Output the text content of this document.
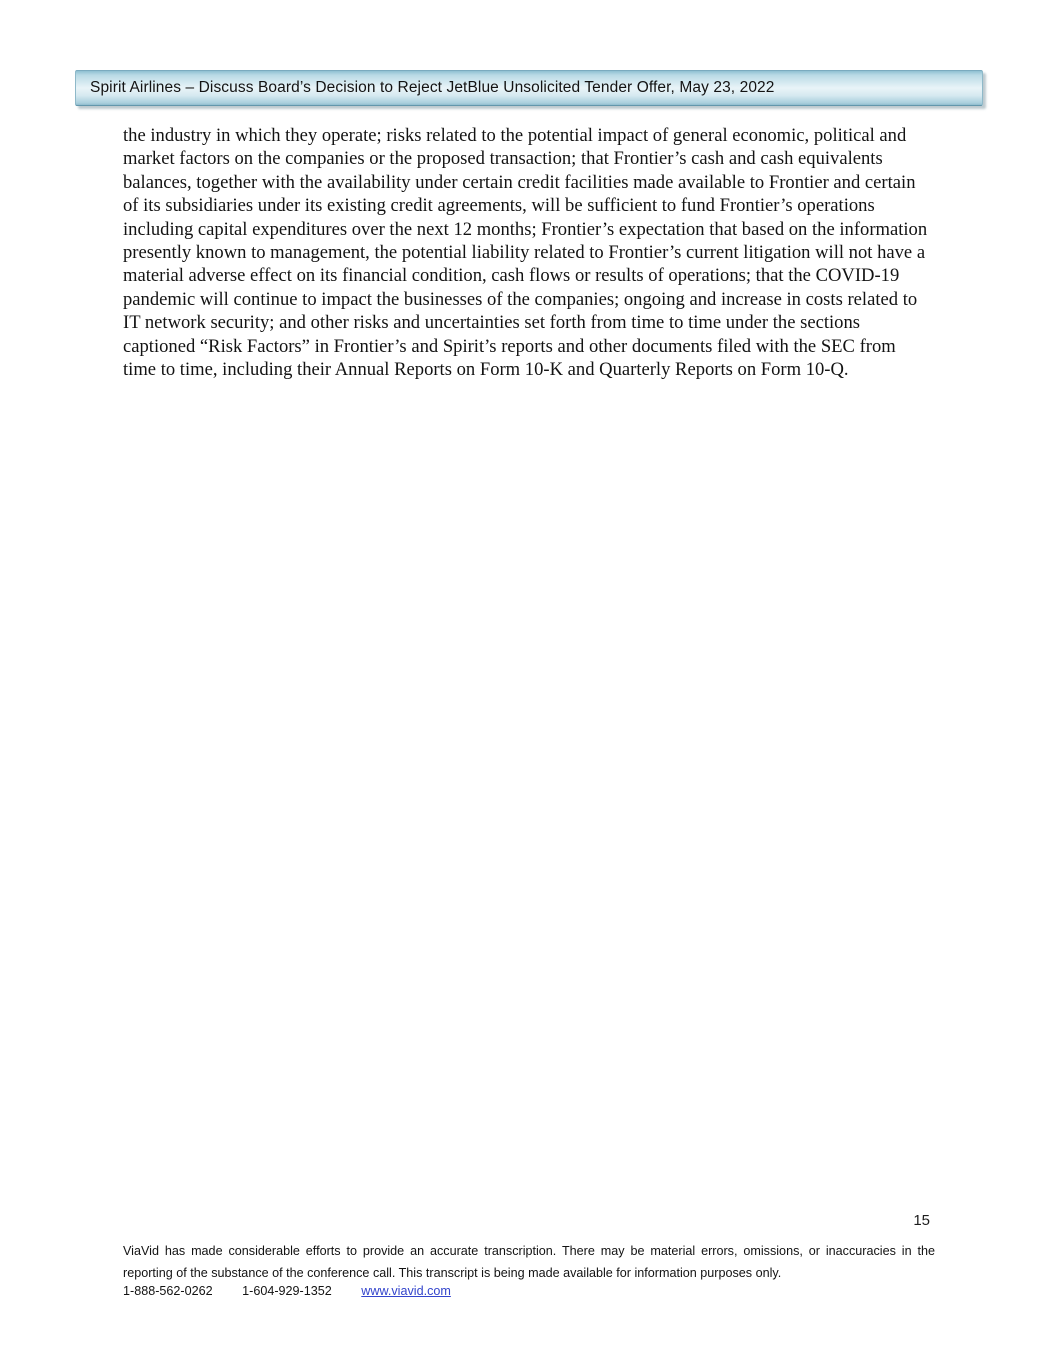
Spirit Airlines – Discuss Board’s Decision to Reject JetBlue Unsolicited Tender Offer, May 23, 2022
the industry in which they operate; risks related to the potential impact of general economic, political and market factors on the companies or the proposed transaction; that Frontier’s cash and cash equivalents balances, together with the availability under certain credit facilities made available to Frontier and certain of its subsidiaries under its existing credit agreements, will be sufficient to fund Frontier’s operations including capital expenditures over the next 12 months; Frontier’s expectation that based on the information presently known to management, the potential liability related to Frontier’s current litigation will not have a material adverse effect on its financial condition, cash flows or results of operations; that the COVID-19 pandemic will continue to impact the businesses of the companies; ongoing and increase in costs related to IT network security; and other risks and uncertainties set forth from time to time under the sections captioned “Risk Factors” in Frontier’s and Spirit’s reports and other documents filed with the SEC from time to time, including their Annual Reports on Form 10-K and Quarterly Reports on Form 10-Q.
15
ViaVid has made considerable efforts to provide an accurate transcription. There may be material errors, omissions, or inaccuracies in the reporting of the substance of the conference call. This transcript is being made available for information purposes only.
1-888-562-0262 1-604-929-1352 www.viavid.com
